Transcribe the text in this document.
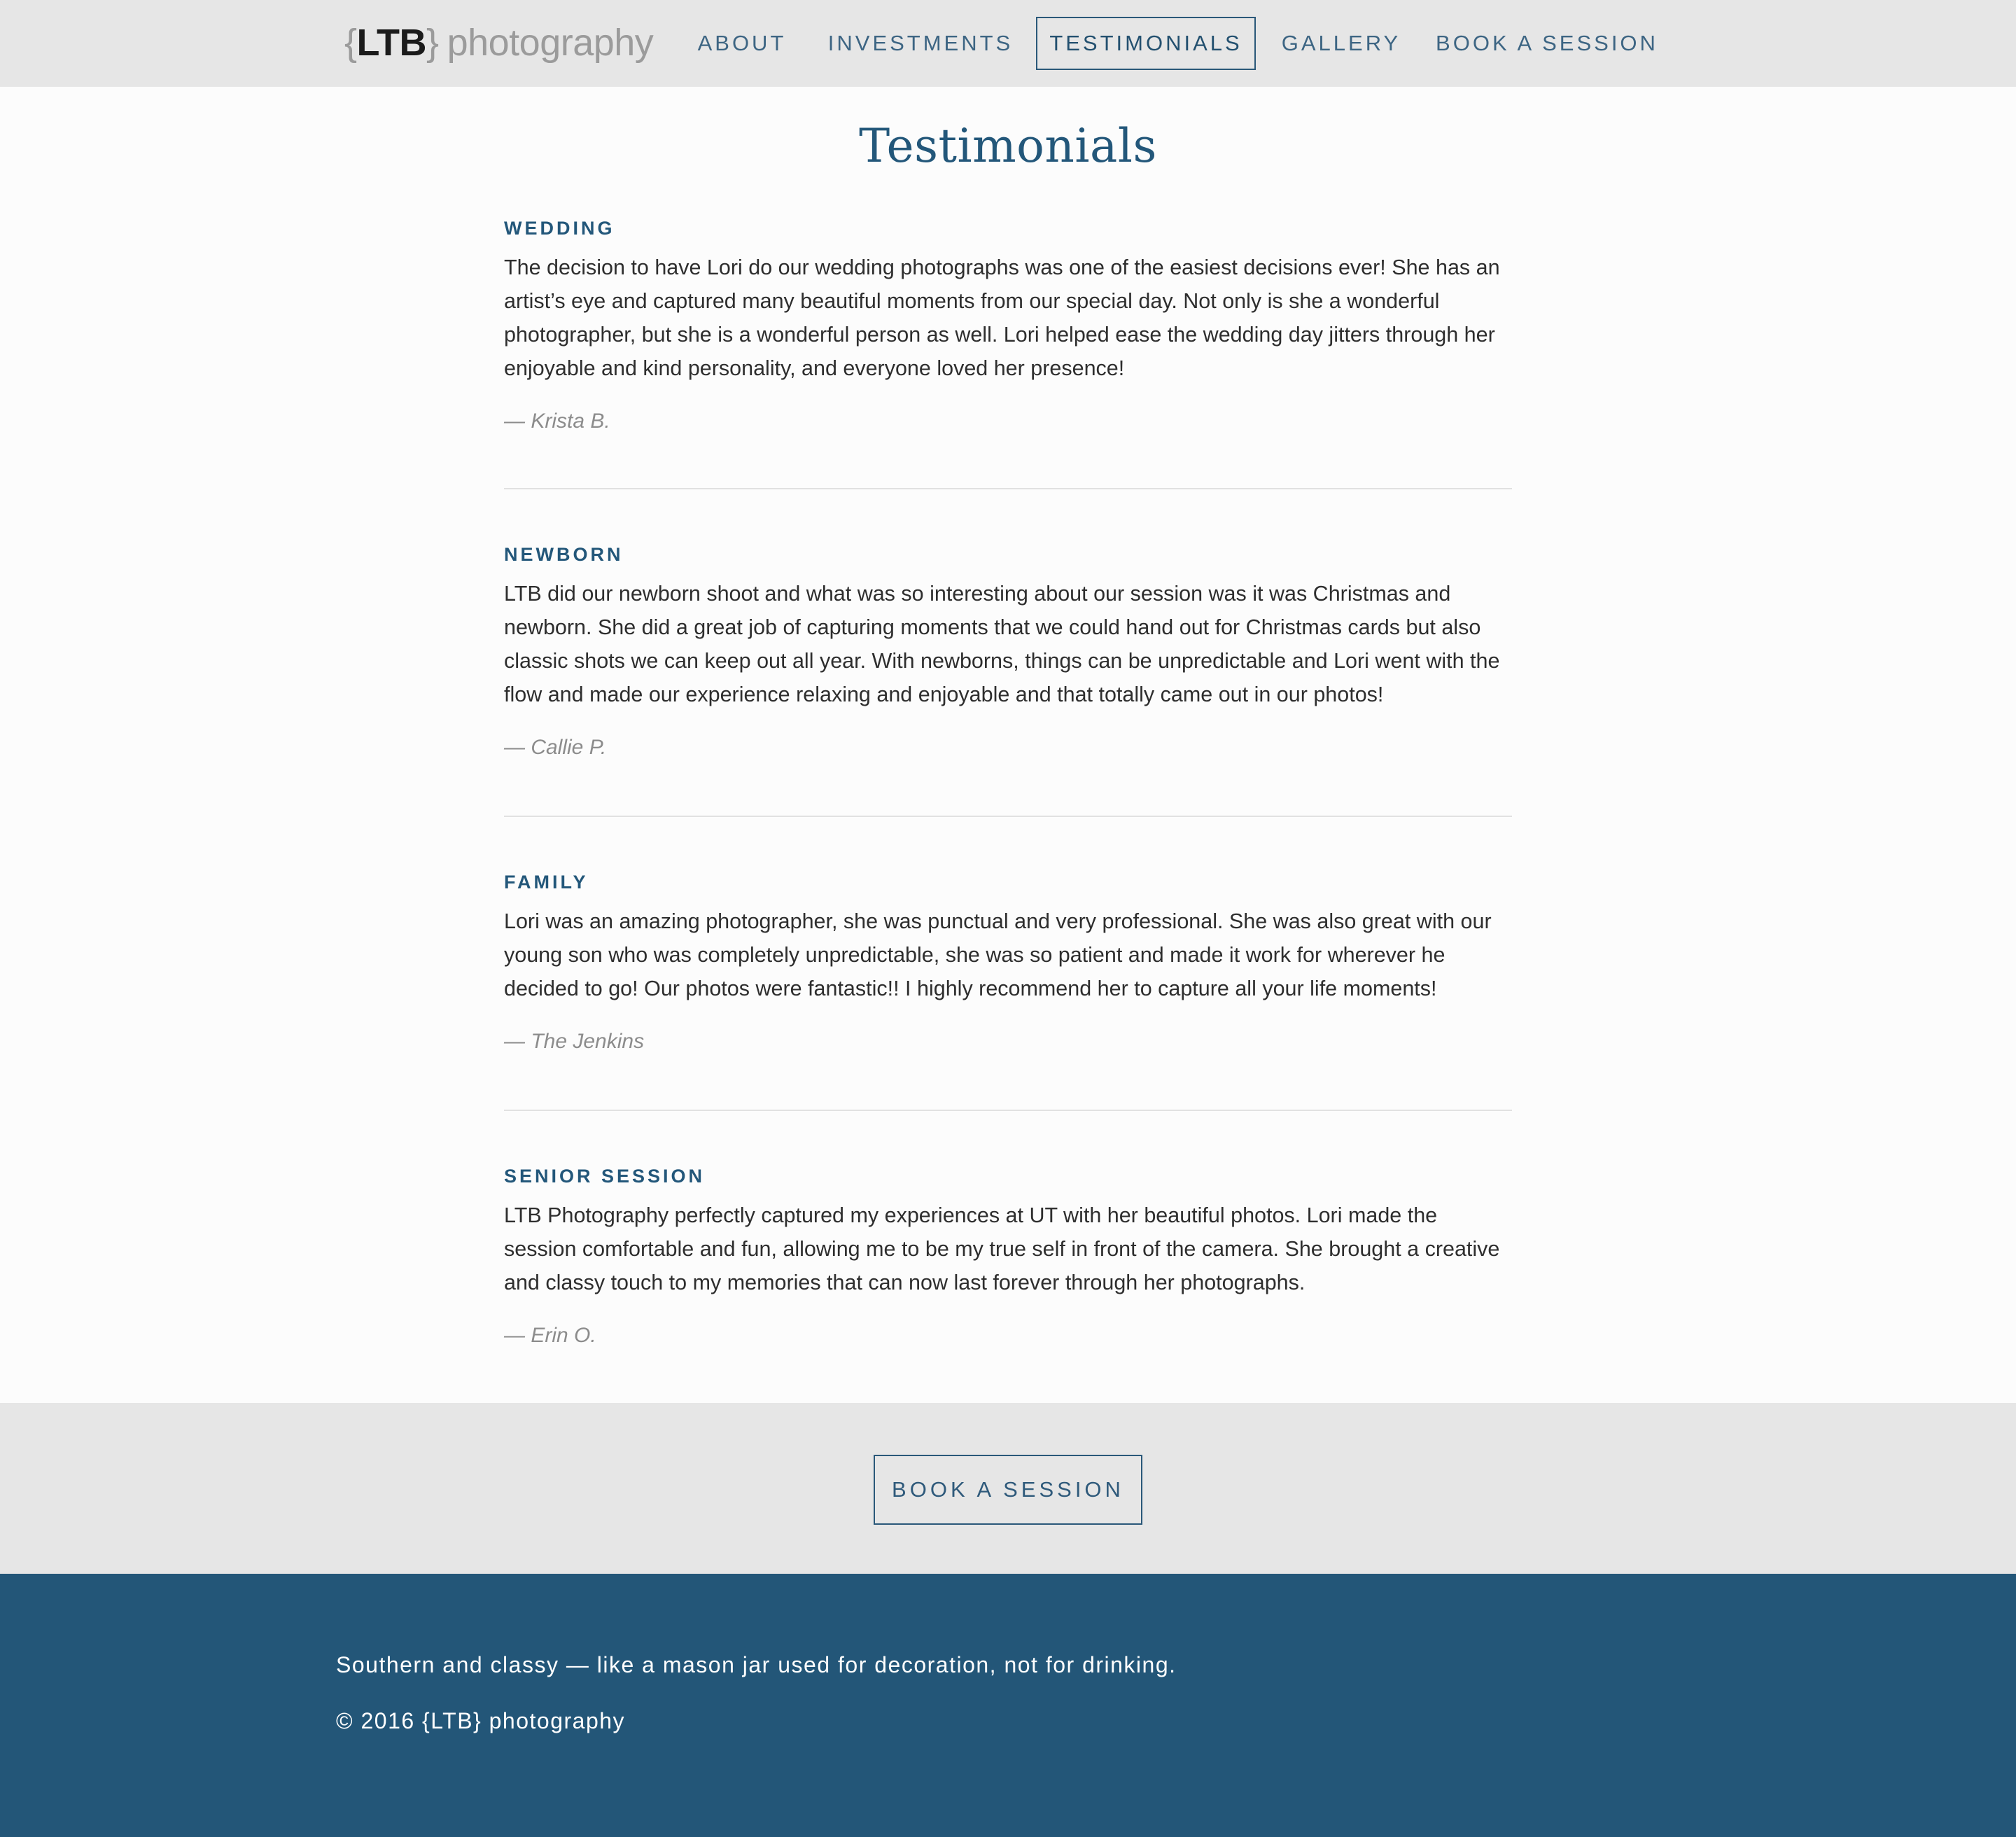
{ LTB } photography	ABOUT	INVESTMENTS	TESTIMONIALS	GALLERY BOOK A SESSION
Testimonials
WEDDING
The decision to have Lori do our wedding photographs was one of the easiest decisions ever! She has an artist’s eye and captured many beautiful moments from our special day. Not only is she a wonderful photographer, but she is a wonderful person as well. Lori helped ease the wedding day jitters through her enjoyable and kind personality, and everyone loved her presence!
— Krista B.
NEWBORN
LTB did our newborn shoot and what was so interesting about our session was it was Christmas and newborn. She did a great job of capturing moments that we could hand out for Christmas cards but also classic shots we can keep out all year. With newborns, things can be unpredictable and Lori went with the flow and made our experience relaxing and enjoyable and that totally came out in our photos!
— Callie P.
FAMILY
Lori was an amazing photographer, she was punctual and very professional. She was also great with our young son who was completely unpredictable, she was so patient and made it work for wherever he decided to go! Our photos were fantastic!! I highly recommend her to capture all your life moments!
— The Jenkins
SENIOR SESSION
LTB Photography perfectly captured my experiences at UT with her beautiful photos. Lori made the session comfortable and fun, allowing me to be my true self in front of the camera. She brought a creative and classy touch to my memories that can now last forever through her photographs.
— Erin O.
BOOK A SESSION
Southern and classy — like a mason jar used for decoration, not for drinking.
© 2016 {LTB} photography
